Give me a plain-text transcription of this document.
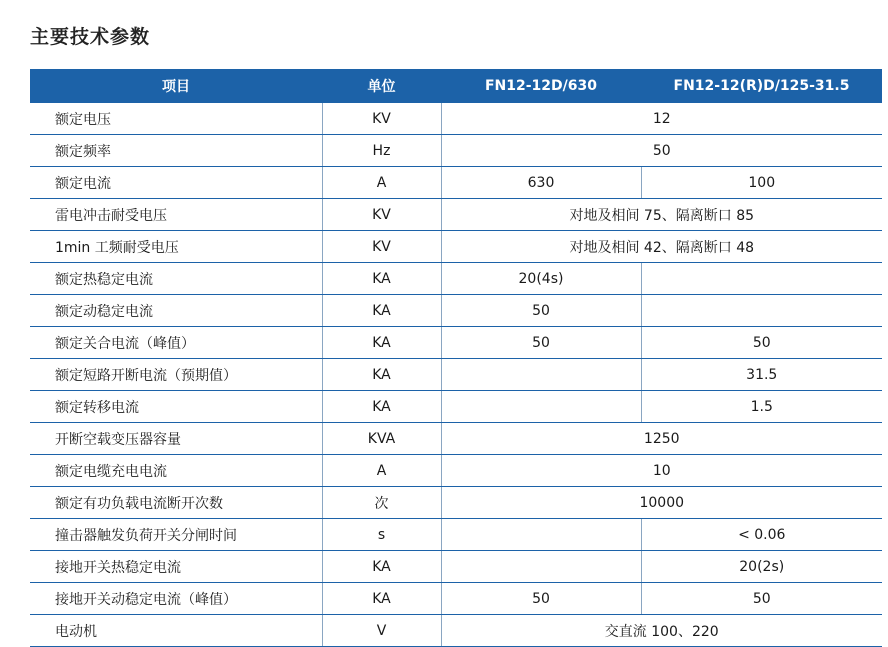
主要技术参数
项目	单位	FN12-12D/630	FN12-12(R)D/125-31.5
额定电压	KV	12	
额定频率	Hz	50	
额定电流	A	630	100
雷电冲击耐受电压	KV	对地及相间 75、隔离断口 85	
1min 工频耐受电压	KV	对地及相间 42、隔离断口 48	
额定热稳定电流	KA	20(4s)	
额定动稳定电流	KA	50	
额定关合电流（峰值）	KA	50	50
额定短路开断电流（预期值）	KA		31.5
额定转移电流	KA		1.5
开断空载变压器容量	KVA	1250	
额定电缆充电电流	A	10	
额定有功负载电流断开次数	次	10000	
撞击器触发负荷开关分闸时间	s		< 0.06
接地开关热稳定电流	KA		20(2s)
接地开关动稳定电流（峰值）	KA	50	50
电动机	V	交直流 100、220	
